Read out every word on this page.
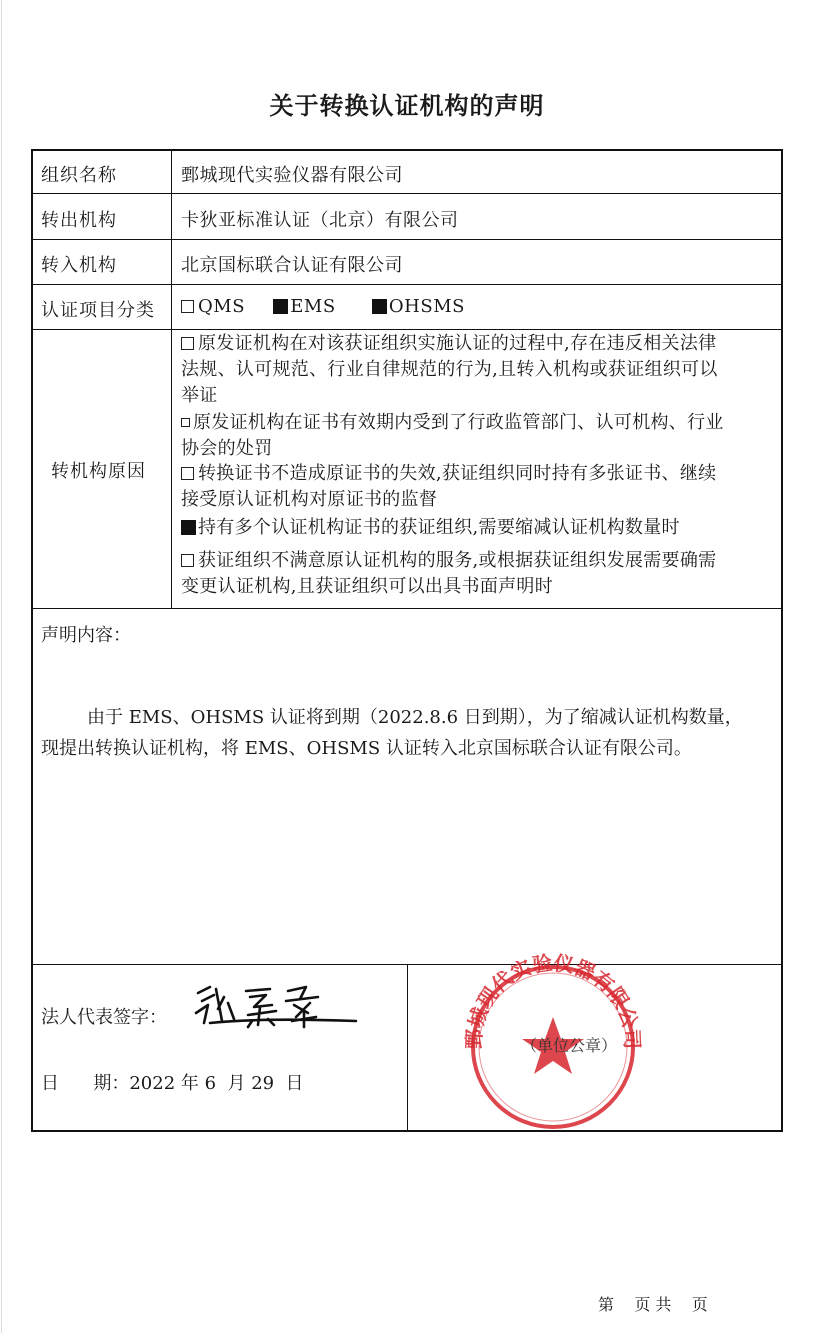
关于转换认证机构的声明
组织名称	鄄城现代实验仪器有限公司
转出机构	卡狄亚标准认证（北京）有限公司
转入机构	北京国标联合认证有限公司
认证项目分类	QMS	EMS	OHSMS
转机构原因
原发证机构在对该获证组织实施认证的过程中,存在违反相关法律
法规、认可规范、行业自律规范的行为,且转入机构或获证组织可以
举证
原发证机构在证书有效期内受到了行政监管部门、认可机构、行业
协会的处罚
转换证书不造成原证书的失效,获证组织同时持有多张证书、继续
接受原认证机构对原证书的监督
持有多个认证机构证书的获证组织,需要缩减认证机构数量时
获证组织不满意原认证机构的服务,或根据获证组织发展需要确需
变更认证机构,且获证组织可以出具书面声明时
声明内容：
由于 EMS、OHSMS 认证将到期（2022.8.6 日到期），为了缩减认证机构数量，
现提出转换认证机构，将 EMS、OHSMS 认证转入北京国标联合认证有限公司。
法人代表签字：
日      期：2022 年 6  月 29  日
鄄城现代实验仪器有限公司
（单位公章）
第    页 共    页
